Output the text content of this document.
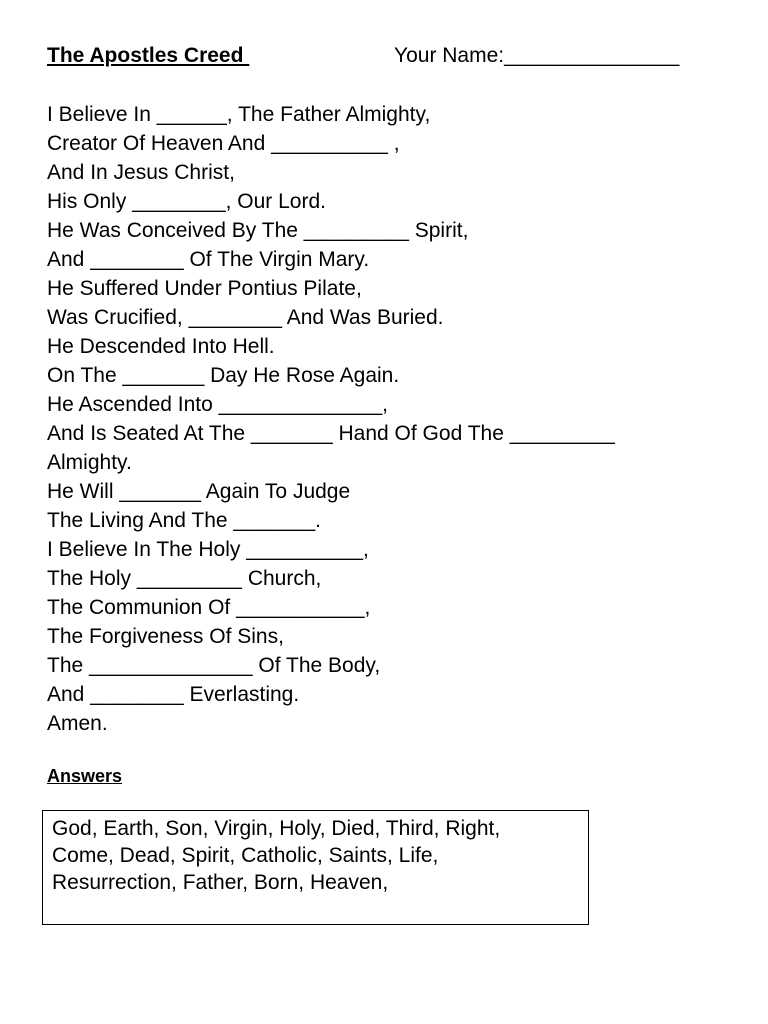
The Apostles Creed	Your Name:_______________
I Believe In ______, The Father Almighty,
Creator Of Heaven And __________ ,
And In Jesus Christ,
His Only ________, Our Lord.
He Was Conceived By The _________ Spirit,
And ________ Of The Virgin Mary.
He Suffered Under Pontius Pilate,
Was Crucified, ________ And Was Buried.
He Descended Into Hell.
On The _______ Day He Rose Again.
He Ascended Into ______________,
And Is Seated At The _______ Hand Of God The _________
Almighty.
He Will _______ Again To Judge
The Living And The _______.
I Believe In The Holy __________,
The Holy _________ Church,
The Communion Of ___________,
The Forgiveness Of Sins,
The ______________ Of The Body,
And ________ Everlasting.
Amen.
Answers
God, Earth, Son, Virgin, Holy, Died, Third, Right,
Come, Dead, Spirit, Catholic, Saints, Life,
Resurrection, Father, Born, Heaven,
